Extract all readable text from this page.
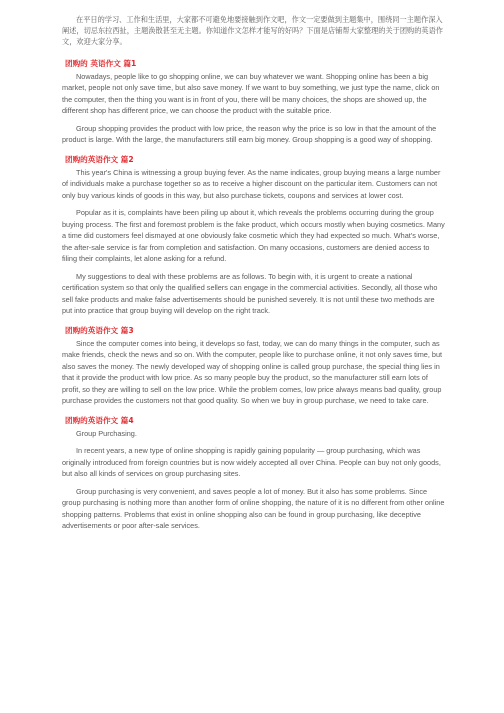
在平日的学习、工作和生活里，大家都不可避免地要接触到作文吧，作文一定要做到主题集中，围绕同一主题作深入阐述，切忌东拉西扯，主题涣散甚至无主题。你知道作文怎样才能写的好吗？下面是店铺帮大家整理的关于团购的英语作文，欢迎大家分享。

团购的 英语作文 篇1

Nowadays, people like to go shopping online, we can buy whatever we want. Shopping online has been a big market, people not only save time, but also save money. If we want to buy something, we just type the name, click on the computer, then the thing you want is in front of you, there will be many choices, the shops are showed up, the different shop has different price, we can choose the product with the suitable price.

Group shopping provides the product with low price, the reason why the price is so low in that the amount of the product is large. With the large, the manufacturers still earn big money. Group shopping is a good way of shopping.

团购的英语作文 篇2

This year's China is witnessing a group buying fever. As the name indicates, group buying means a large number of individuals make a purchase together so as to receive a higher discount on the particular item. Customers can not only buy various kinds of goods in this way, but also purchase tickets, coupons and services at lower cost.

Popular as it is, complaints have been piling up about it, which reveals the problems occurring during the group buying process. The first and foremost problem is the fake product, which occurs mostly when buying cosmetics. Many a time did customers feel dismayed at one obviously fake cosmetic which they had expected so much. What's worse, the after-sale service is far from completion and satisfaction. On many occasions, customers are denied access to filing their complaints, let alone asking for a refund.

My suggestions to deal with these problems are as follows. To begin with, it is urgent to create a national certification system so that only the qualified sellers can engage in the commercial activities. Secondly, all those who sell fake products and make false advertisements should be punished severely. It is not until these two methods are put into practice that group buying will develop on the right track.

团购的英语作文 篇3

Since the computer comes into being, it develops so fast, today, we can do many things in the computer, such as make friends, check the news and so on. With the computer, people like to purchase online, it not only saves time, but also saves the money. The newly developed way of shopping online is called group purchase, the special thing lies in that it provide the product with low price. As so many people buy the product, so the manufacturer still earn lots of profit, so they are willing to sell on the low price. While the problem comes, low price always means bad quality, group purchase provides the customers not that good quality. So when we buy in group purchase, we need to take care.

团购的英语作文 篇4

Group Purchasing.

In recent years, a new type of online shopping is rapidly gaining popularity — group purchasing, which was originally introduced from foreign countries but is now widely accepted all over China. People can buy not only goods, but also all kinds of services on group purchasing sites.

Group purchasing is very convenient, and saves people a lot of money. But it also has some problems. Since group purchasing is nothing more than another form of online shopping, the nature of it is no different from other online shopping patterns. Problems that exist in online shopping also can be found in group purchasing, like deceptive advertisements or poor after-sale services.
